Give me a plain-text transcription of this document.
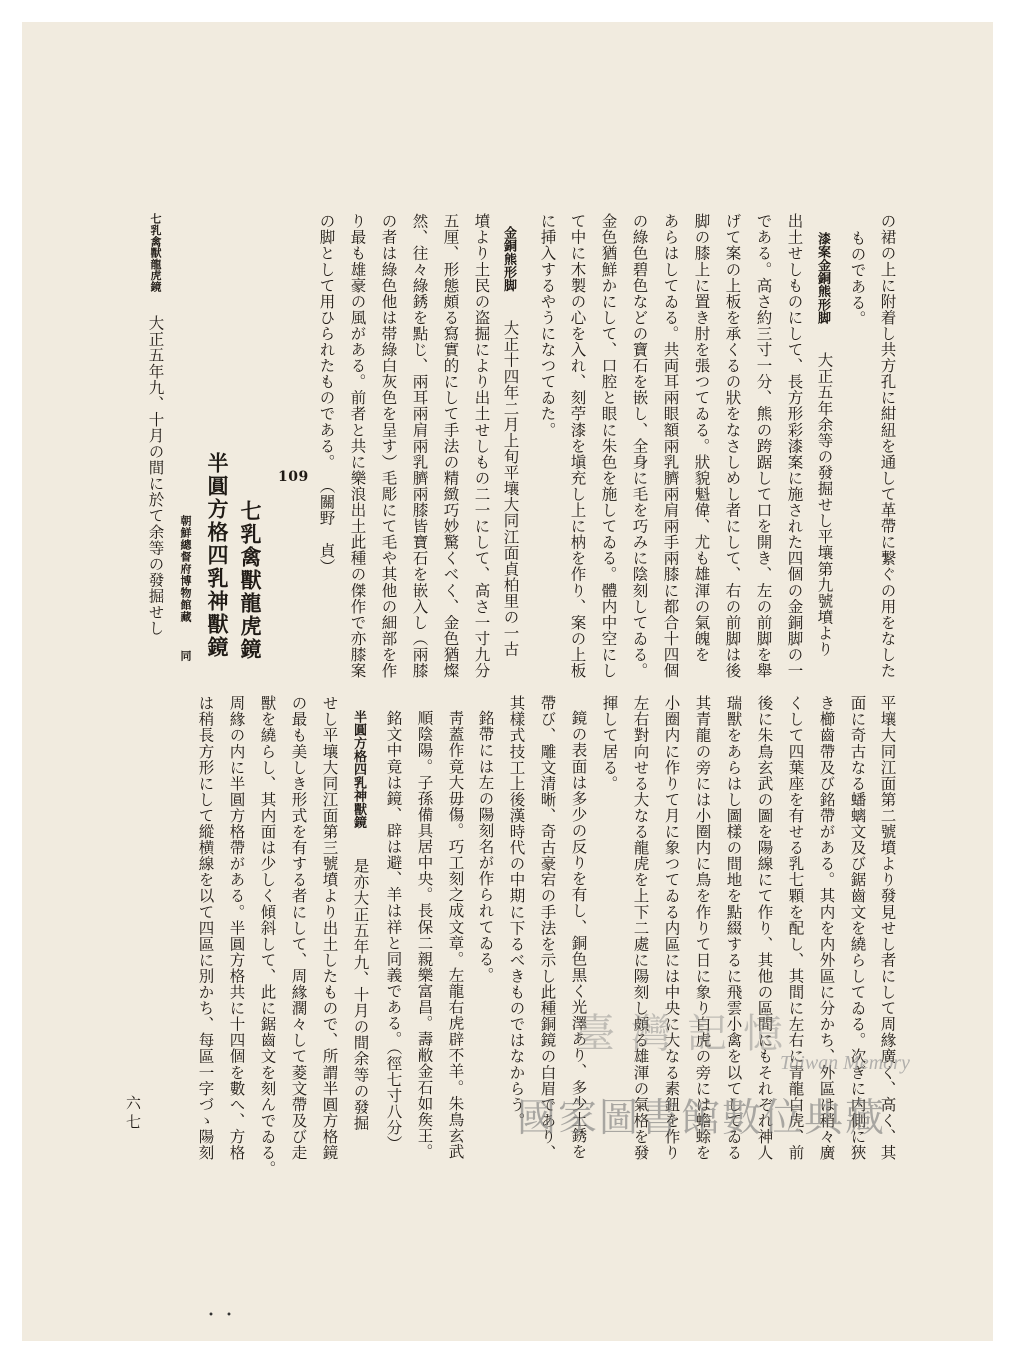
の裙の上に附着し共方孔に紺紐を通して革帶に繋ぐの用をなした

ものである。

漆案金銅熊形脚

大正五年余等の發掘せし平壤第九號墳より

出土せしものにして、長方形彩漆案に施された四個の金銅脚の一

である。高さ約三寸一分、熊の跨踞して口を開き、左の前脚を舉

げて案の上板を承くるの狀をなさしめし者にして、右の前脚は後

脚の膝上に置き肘を張つてゐる。狀貌魁偉、尤も雄渾の氣魄を

あらはしてゐる。共両耳兩眼額兩乳臍兩肩兩手兩膝に都合十四個

の綠色碧色などの寶石を嵌し、全身に毛を巧みに陰刻してゐる。

金色猶鮮かにして、口腔と眼に朱色を施してゐる。體内中空にし

て中に木製の心を入れ、刻苧漆を塡充し上に枘を作り、案の上板

に挿入するやうになつてゐた。

金銅熊形脚

大正十四年二月上旬平壤大同江面貞柏里の一古

墳より土民の盗掘により出土せしもの二一にして、高さ一寸九分

五厘、形態頗る寫實的にして手法の精緻巧妙驚くべく、金色猶燦

然、往々綠銹を點じ、兩耳兩肩兩乳臍兩膝皆寶石を嵌入し（兩膝

の者は綠色他は帯綠白灰色を呈す）毛彫にて毛や其他の細部を作

り最も雄豪の風がある。前者と共に樂浪出土此種の傑作で亦膝案

の脚として用ひられたものである。

（關野　貞）

109

七乳禽獸龍虎鏡

半圓方格四乳神獸鏡

朝鮮總督府博物館藏

同

七乳禽獸龍虎鏡

大正五年九、十月の間に於て余等の發掘せし

平壤大同江面第二號墳より發見せし者にして周緣廣く、高く、其

面に奇古なる蟠螭文及び鋸齒文を繞らしてゐる。次ぎに内側に狹

き櫛齒帶及び銘帶がある。其内を内外區に分かち、外區は稍々廣

くして四葉座を有せる乳七顆を配し、其間に左右に青龍白虎、前

後に朱鳥玄武の圖を陽線にて作り、其他の區間にもそれぞれ神人

瑞獸をあらはし圖樣の間地を點綴するに飛雲小禽を以てしてゐる

其青龍の旁には小圈内に鳥を作りて日に象り白虎の旁には蟾蜍を

小圈内に作りて月に象つてゐる内區には中央に大なる素鈕を作り

左右對向せる大なる龍虎を上下二處に陽刻し頗る雄渾の氣格を發

揮して居る。

鏡の表面は多少の反りを有し、銅色黒く光澤あり、多少土銹を

帶び、雕文清晰、奇古豪宕の手法を示し此種銅鏡の白眉であり、

其樣式技工上後漢時代の中期に下るべきものではなからう。

銘帶には左の陽刻名が作られてゐる。

靑蓋作竟大毋傷。巧工刻之成文章。左龍右虎辟不羊。朱鳥玄武

順陰陽。子孫備具居中央。長保二親樂富昌。壽敝金石如矦王。

銘文中竟は鏡、辟は避、羊は祥と同義である。（徑七寸八分）

半圓方格四乳神獸鏡

是亦大正五年九、十月の間余等の發掘

せし平壤大同江面第三號墳より出土したもので、所謂半圓方格鏡

の最も美しき形式を有する者にして、周緣濶々して菱文帶及び走

獸を繞らし、其内面は少しく傾斜して、此に鋸齒文を刻んでゐる。

周緣の内に半圓方格帶がある。半圓方格共に十四個を數へ、方格

は稍長方形にして縱横線を以て四區に別かち、每區一字づゝ陽刻

六七

・・
臺灣記憶
Taiwan Memory
國家圖書館數位典藏
